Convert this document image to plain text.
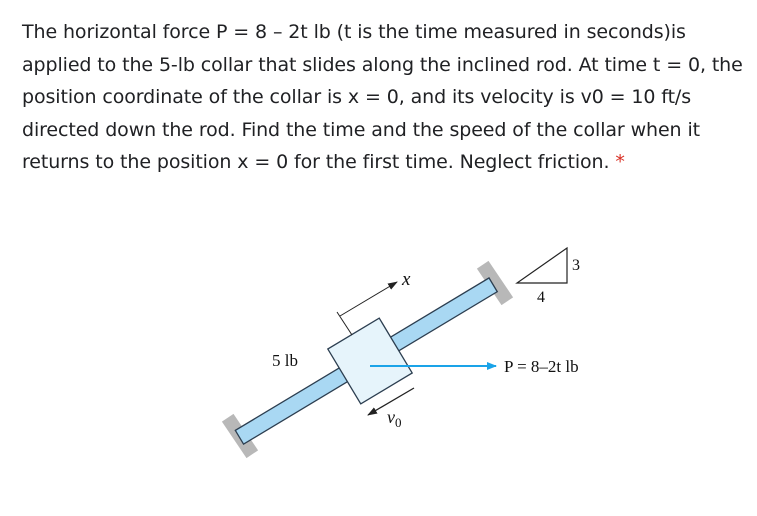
The horizontal force P = 8 – 2t lb (t is the time measured in seconds)is applied to the 5-lb collar that slides along the inclined rod. At time t = 0, the position coordinate of the collar is x = 0, and its velocity is v0 = 10 ft/s directed down the rod. Find the time and the speed of the collar when it returns to the position x = 0 for the first time. Neglect friction. *
x
$v_0$
5 lb	P = 8–2t lb
3
4
